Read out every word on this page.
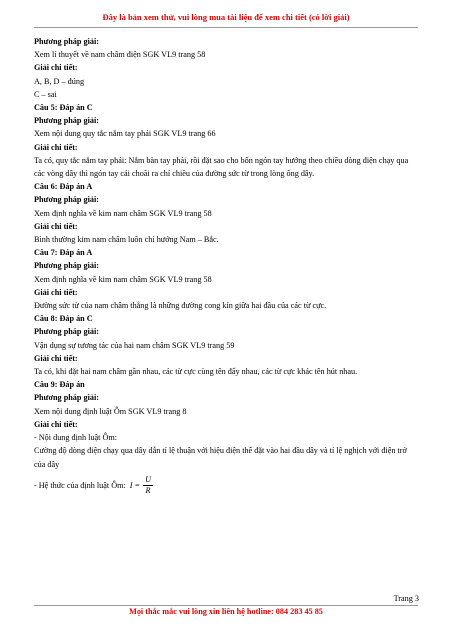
Đây là bản xem thử, vui lòng mua tài liệu để xem chi tiết (có lời giải)

Phương pháp giải:

Xem lí thuyết về nam châm điện SGK VL9 trang 58

Giải chi tiết:

A, B, D – đúng

C – sai

Câu 5: Đáp án C

Phương pháp giải:

Xem nội dung quy tắc nắm tay phải SGK VL9 trang 66

Giải chi tiết:

Ta có, quy tắc nắm tay phải: Nắm bàn tay phải, rồi đặt sao cho bốn ngón tay hướng theo chiều dòng điện chạy qua các vòng dây thì ngón tay cái choãi ra chỉ chiều của đường sức từ trong lòng ống dây.

Câu 6: Đáp án A

Phương pháp giải:

Xem định nghĩa về kim nam châm SGK VL9 trang 58

Giải chi tiết:

Bình thường kim nam châm luôn chỉ hướng Nam – Bắc.

Câu 7: Đáp án A

Phương pháp giải:

Xem định nghĩa về kim nam châm SGK VL9 trang 58

Giải chi tiết:

Đường sức từ của nam châm thẳng là những đường cong kín giữa hai đầu của các từ cực.

Câu 8: Đáp án C

Phương pháp giải:

Vận dụng sự tương tác của hai nam châm SGK VL9 trang 59

Giải chi tiết:

Ta có, khi đặt hai nam châm gần nhau, các từ cực cùng tên đẩy nhau, các từ cực khác tên hút nhau.

Câu 9: Đáp án

Phương pháp giải:

Xem nội dung định luật Ôm SGK VL9 trang 8

Giải chi tiết:

- Nội dung định luật Ôm:

Cường độ dòng điện chạy qua dây dẫn tỉ lệ thuận với hiệu điện thế đặt vào hai đầu dây và tỉ lệ nghịch với điện trở của dây

- Hệ thức của định luật Ôm: $I = \frac{U}{R}$
Trang 3
Mọi thắc mắc vui lòng xin liên hệ hotline: 084 283 45 85
